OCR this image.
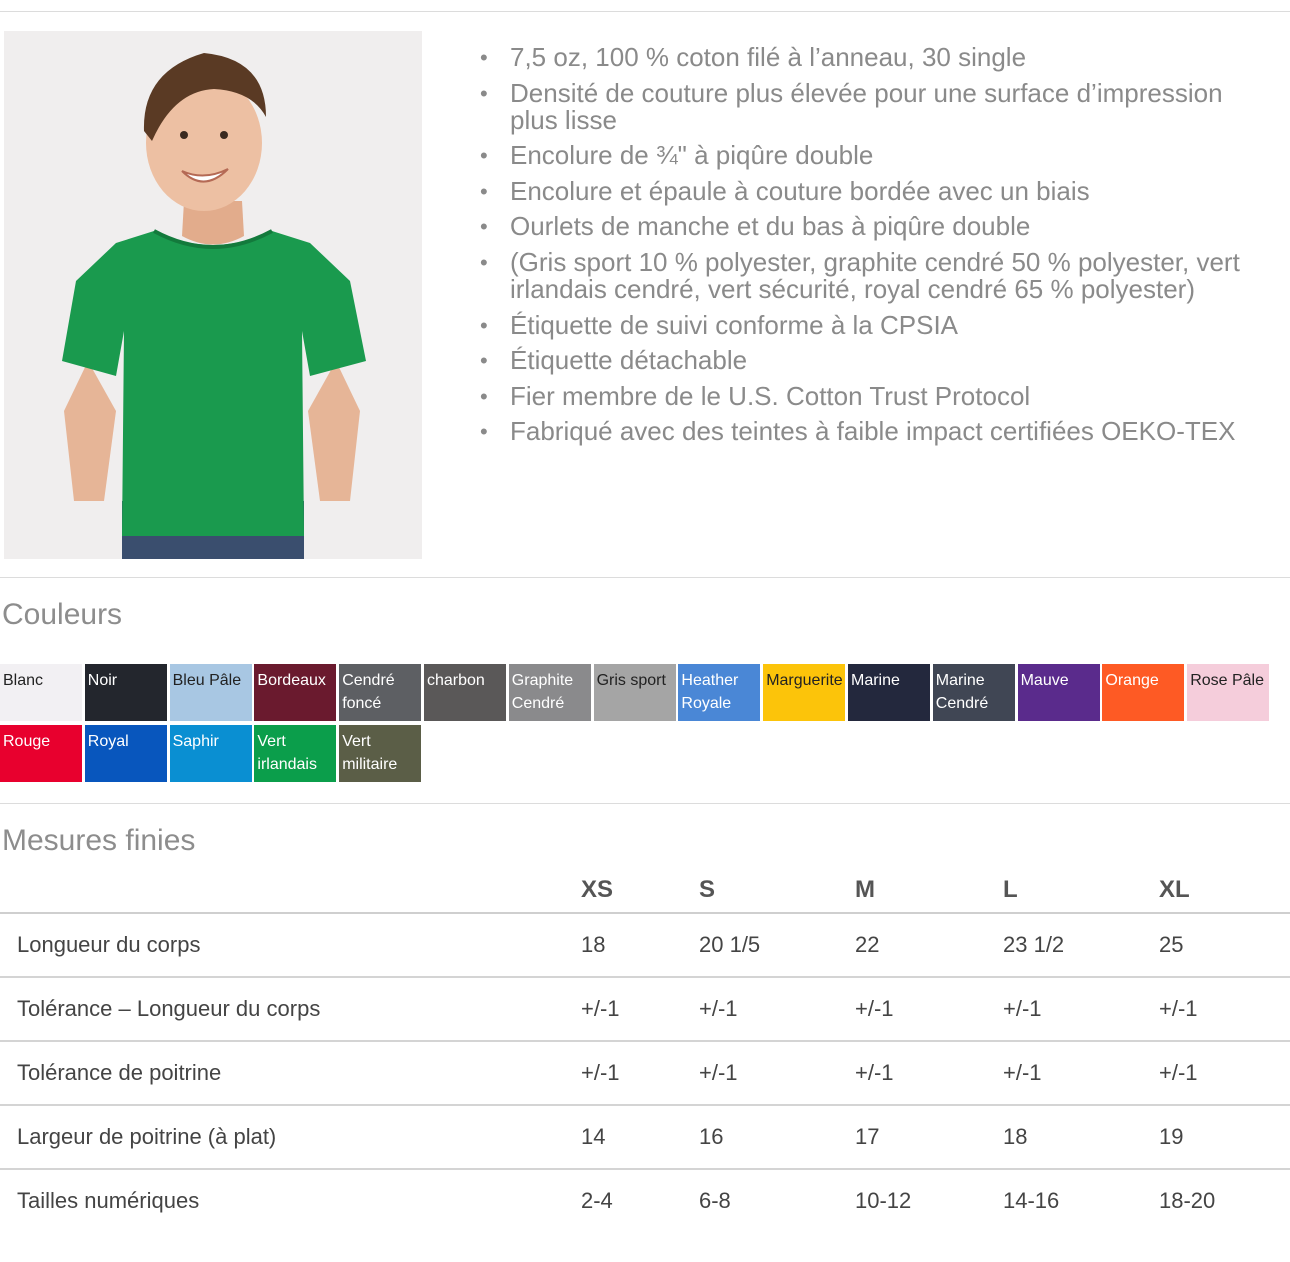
• 7,5 oz, 100 % coton filé à l’anneau, 30 single
• Densité de couture plus élevée pour une surface d’impression plus lisse
• Encolure de ¾" à piqûre double
• Encolure et épaule à couture bordée avec un biais
• Ourlets de manche et du bas à piqûre double
• (Gris sport 10 % polyester, graphite cendré 50 % polyester, vert irlandais cendré, vert sécurité, royal cendré 65 % polyester)
• Étiquette de suivi conforme à la CPSIA
• Étiquette détachable
• Fier membre de le U.S. Cotton Trust Protocol
• Fabriqué avec des teintes à faible impact certifiées OEKO-TEX
Couleurs
Blanc	Noir	Bleu Pâle	Bordeaux	Cendré foncé
charbon	Graphite Cendré
Gris sport Heather Royale
Marguerite Marine	Marine Cendré
Mauve	Orange	Rose Pâle
Rouge	Royal	Saphir	Vert irlandais
Vert militaire
Mesures finies
	XS	S	M	L	XL
Longueur du corps	18	20 1/5	22	23 1/2	25
Tolérance – Longueur du corps	+/-1	+/-1	+/-1	+/-1	+/-1
Tolérance de poitrine	+/-1	+/-1	+/-1	+/-1	+/-1
Largeur de poitrine (à plat)	14	16	17	18	19
Tailles numériques	2-4	6-8	10-12	14-16	18-20
